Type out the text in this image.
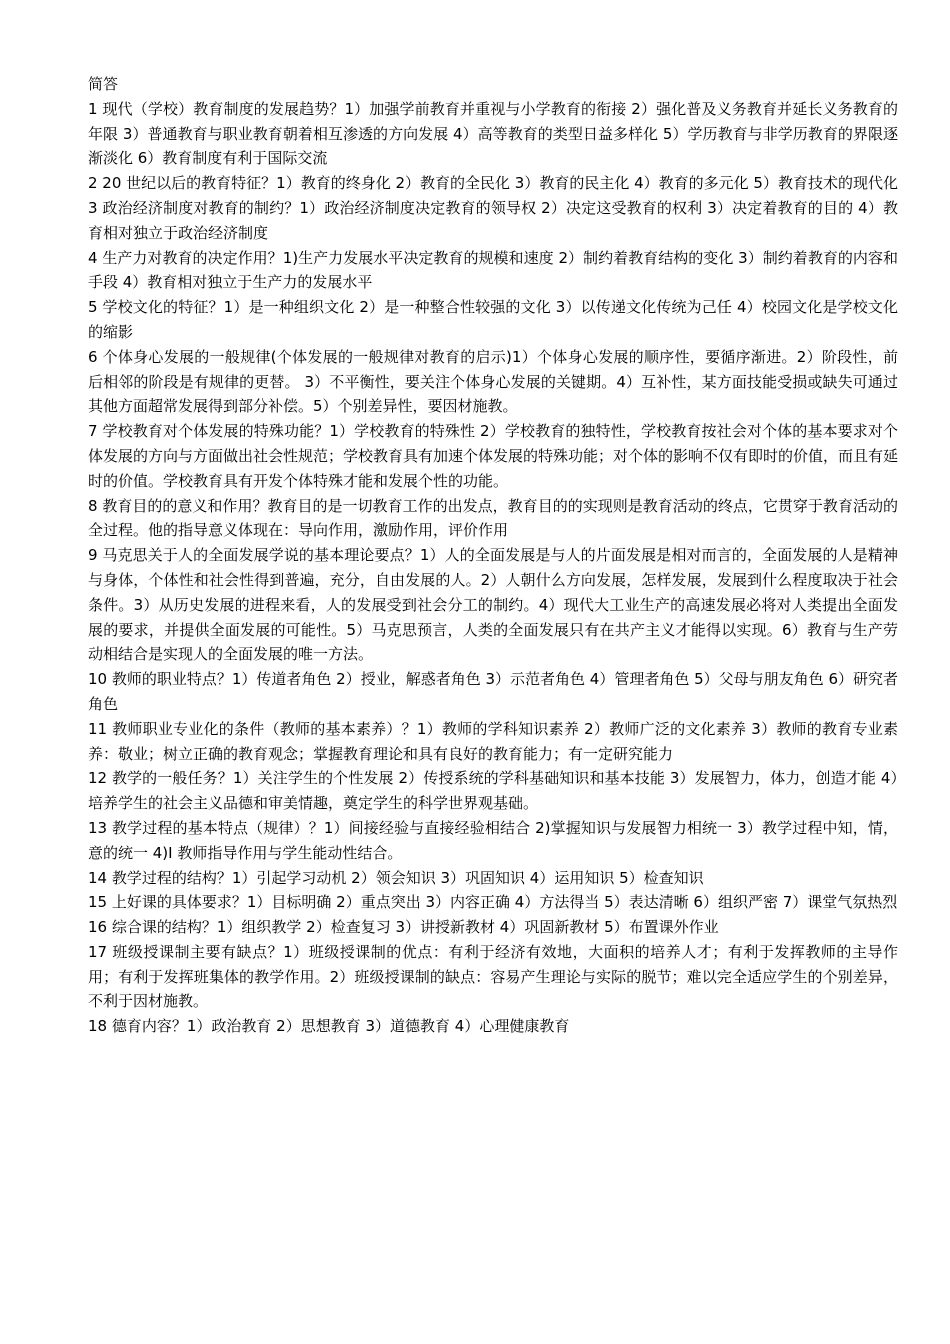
简答

1 现代（学校）教育制度的发展趋势？1）加强学前教育并重视与小学教育的衔接 2）强化普及义务教育并延长义务教育的年限 3）普通教育与职业教育朝着相互渗透的方向发展 4）高等教育的类型日益多样化 5）学历教育与非学历教育的界限逐渐淡化 6）教育制度有利于国际交流

2 20 世纪以后的教育特征？1）教育的终身化 2）教育的全民化 3）教育的民主化 4）教育的多元化 5）教育技术的现代化

3 政治经济制度对教育的制约？1）政治经济制度决定教育的领导权 2）决定这受教育的权利 3）决定着教育的目的 4）教育相对独立于政治经济制度

4 生产力对教育的决定作用？1)生产力发展水平决定教育的规模和速度 2）制约着教育结构的变化 3）制约着教育的内容和手段 4）教育相对独立于生产力的发展水平

5 学校文化的特征？1）是一种组织文化 2）是一种整合性较强的文化 3）以传递文化传统为己任 4）校园文化是学校文化的缩影

6 个体身心发展的一般规律(个体发展的一般规律对教育的启示)1）个体身心发展的顺序性，要循序渐进。2）阶段性，前后相邻的阶段是有规律的更替。 3）不平衡性，要关注个体身心发展的关键期。4）互补性，某方面技能受损或缺失可通过其他方面超常发展得到部分补偿。5）个别差异性，要因材施教。

7 学校教育对个体发展的特殊功能？1）学校教育的特殊性 2）学校教育的独特性，学校教育按社会对个体的基本要求对个体发展的方向与方面做出社会性规范；学校教育具有加速个体发展的特殊功能；对个体的影响不仅有即时的价值，而且有延时的价值。学校教育具有开发个体特殊才能和发展个性的功能。

8 教育目的的意义和作用？教育目的是一切教育工作的出发点，教育目的的实现则是教育活动的终点，它贯穿于教育活动的全过程。他的指导意义体现在：导向作用，激励作用，评价作用

9 马克思关于人的全面发展学说的基本理论要点？1）人的全面发展是与人的片面发展是相对而言的，全面发展的人是精神与身体，个体性和社会性得到普遍，充分，自由发展的人。2）人朝什么方向发展，怎样发展，发展到什么程度取决于社会条件。3）从历史发展的进程来看，人的发展受到社会分工的制约。4）现代大工业生产的高速发展必将对人类提出全面发展的要求，并提供全面发展的可能性。5）马克思预言，人类的全面发展只有在共产主义才能得以实现。6）教育与生产劳动相结合是实现人的全面发展的唯一方法。

10 教师的职业特点？1）传道者角色 2）授业，解惑者角色 3）示范者角色 4）管理者角色 5）父母与朋友角色 6）研究者角色

11 教师职业专业化的条件（教师的基本素养）？1）教师的学科知识素养 2）教师广泛的文化素养 3）教师的教育专业素养：敬业；树立正确的教育观念；掌握教育理论和具有良好的教育能力；有一定研究能力

12 教学的一般任务？1）关注学生的个性发展 2）传授系统的学科基础知识和基本技能 3）发展智力，体力，创造才能 4）培养学生的社会主义品德和审美情趣，奠定学生的科学世界观基础。

13 教学过程的基本特点（规律）？1）间接经验与直接经验相结合 2)掌握知识与发展智力相统一 3）教学过程中知，情，意的统一 4)I 教师指导作用与学生能动性结合。

14 教学过程的结构？1）引起学习动机 2）领会知识 3）巩固知识 4）运用知识 5）检查知识

15 上好课的具体要求？1）目标明确 2）重点突出 3）内容正确 4）方法得当 5）表达清晰 6）组织严密 7）课堂气氛热烈

16 综合课的结构？1）组织教学 2）检查复习 3）讲授新教材 4）巩固新教材 5）布置课外作业

17 班级授课制主要有缺点？1）班级授课制的优点：有利于经济有效地，大面积的培养人才；有利于发挥教师的主导作用；有利于发挥班集体的教学作用。2）班级授课制的缺点：容易产生理论与实际的脱节；难以完全适应学生的个别差异，不利于因材施教。

18 德育内容？1）政治教育 2）思想教育 3）道德教育 4）心理健康教育
